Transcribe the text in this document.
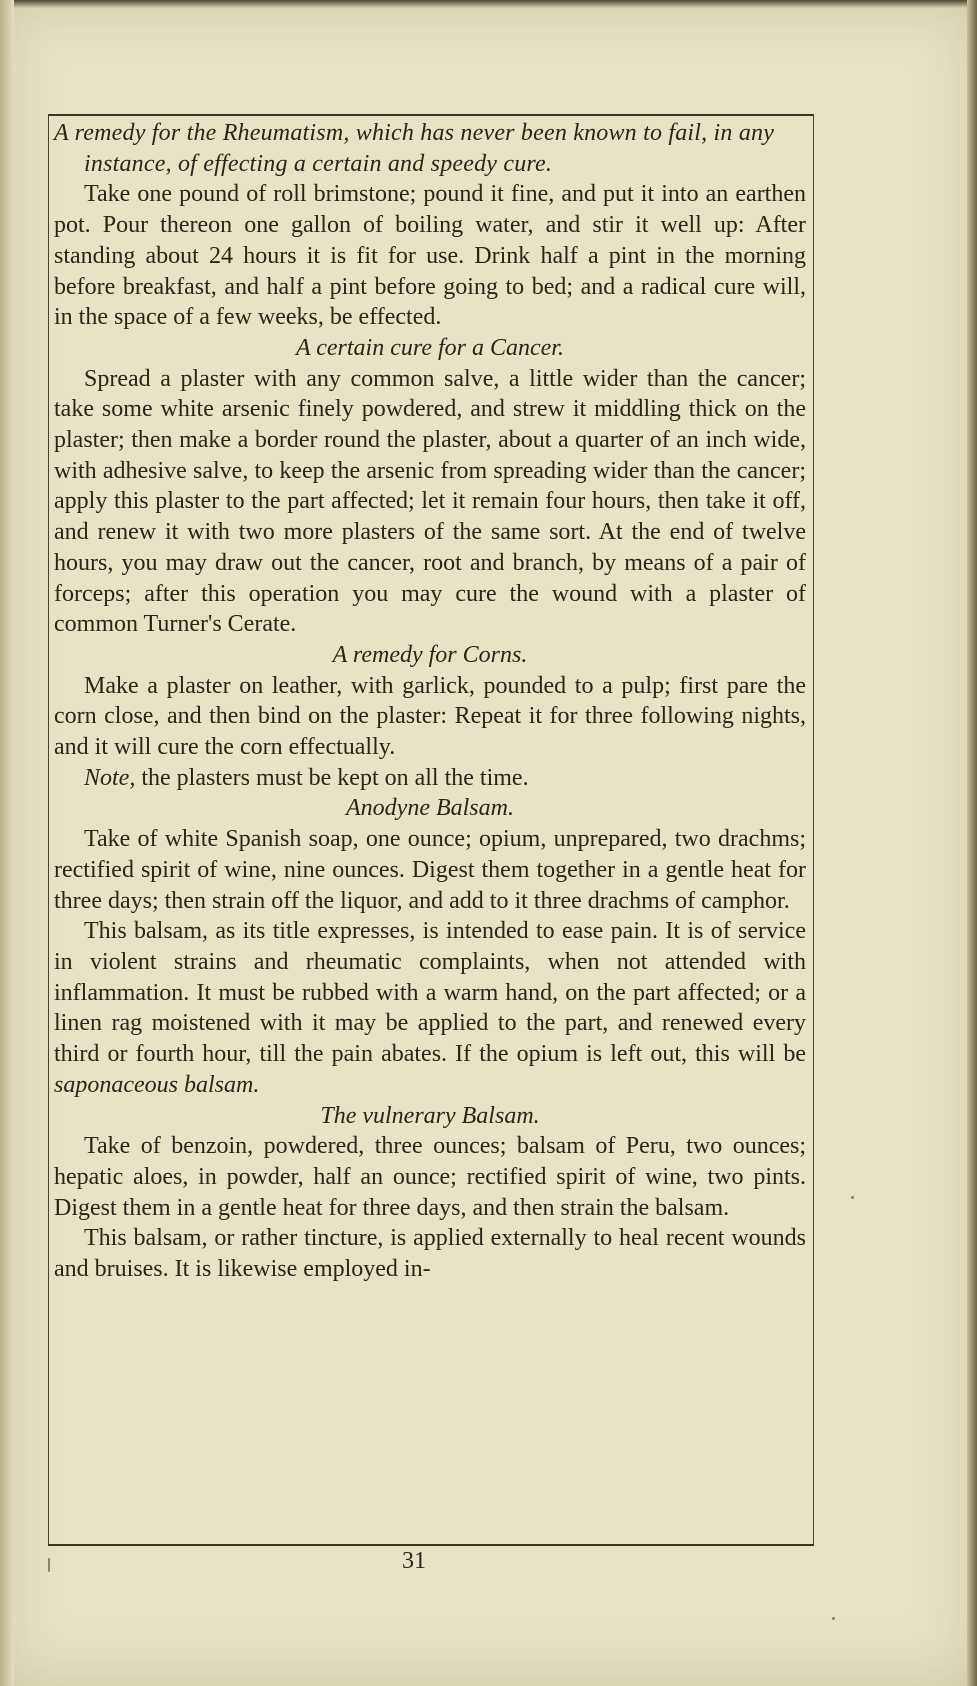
A remedy for the Rheumatism, which has never been known to fail, in any instance, of effecting a certain and speedy cure.

Take one pound of roll brimstone; pound it fine, and put it into an earthen pot. Pour thereon one gallon of boiling water, and stir it well up: After standing about 24 hours it is fit for use. Drink half a pint in the morning before breakfast, and half a pint before going to bed; and a radical cure will, in the space of a few weeks, be effected.

A certain cure for a Cancer.

Spread a plaster with any common salve, a little wider than the cancer; take some white arsenic finely powdered, and strew it middling thick on the plaster; then make a border round the plaster, about a quarter of an inch wide, with adhesive salve, to keep the arsenic from spreading wider than the cancer; apply this plaster to the part affected; let it remain four hours, then take it off, and renew it with two more plasters of the same sort. At the end of twelve hours, you may draw out the cancer, root and branch, by means of a pair of forceps; after this operation you may cure the wound with a plaster of common Turner's Cerate.

A remedy for Corns.

Make a plaster on leather, with garlick, pounded to a pulp; first pare the corn close, and then bind on the plaster: Repeat it for three following nights, and it will cure the corn effectually.

Note, the plasters must be kept on all the time.

Anodyne Balsam.

Take of white Spanish soap, one ounce; opium, unprepared, two drachms; rectified spirit of wine, nine ounces. Digest them together in a gentle heat for three days; then strain off the liquor, and add to it three drachms of camphor.

This balsam, as its title expresses, is intended to ease pain. It is of service in violent strains and rheumatic complaints, when not attended with inflammation. It must be rubbed with a warm hand, on the part affected; or a linen rag moistened with it may be applied to the part, and renewed every third or fourth hour, till the pain abates. If the opium is left out, this will be saponaceous balsam.

The vulnerary Balsam.

Take of benzoin, powdered, three ounces; balsam of Peru, two ounces; hepatic aloes, in powder, half an ounce; rectified spirit of wine, two pints. Digest them in a gentle heat for three days, and then strain the balsam.

This balsam, or rather tincture, is applied externally to heal recent wounds and bruises. It is likewise employed in-

31
